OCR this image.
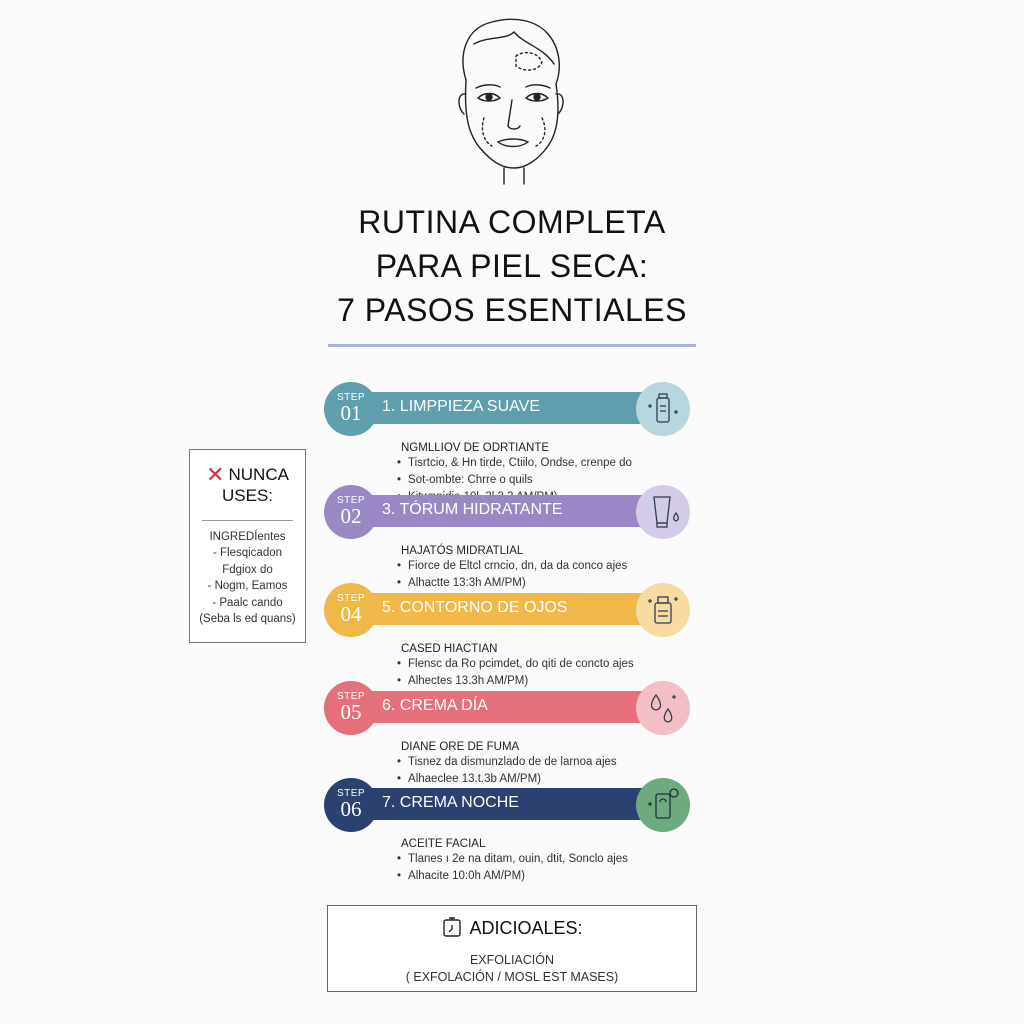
RUTINA COMPLETA
PARA PIEL SECA:
7 PASOS ESENTIALES
STEP
01	1. LIMPPIEZA SUAVE
NGMLLIOV DE ODRTIANTE
• Tisrtcio, & Hn tirde, Ctiilo, Ondse, crenpe do
• Sot-ombte: Chrre o quils
•
STEP
02	3. TÓRUM HIDRATANTE
HAJATÓS MIDRATLIAL
• Fiorce de Eltcl crncio, dn, da da conco ajes
• Alhactte 13:3h AM/PM)
STEP
04	5. CONTORNO DE OJOS
CASED HIACTIAN
• Flensc da Ro pcimdet, do qiti de concto ajes
• Alhectes 13.3h AM/PM)
STEP
05	6. CREMA DÍA
DIANE ORE DE FUMA
• Tisnez da dismunzlado de de larnoa ajes
• Alhaeclee 13.t.3b AM/PM)
STEP
06	7. CREMA NOCHE
ACEITE FACIAL
• Tlanes ı 2e na ditam, ouin, dtit, Sonclo ajes
• Alhacite 10:0h AM/PM)
✕ NUNCA
USES:
INGREDÍentes
- Flesqicadon
Fdgiox do
- Nogm, Eamos
- Paalc cando
(Seba ls ed quans)
ADICIOALES:
EXFOLIACIÓN
( EXFOLACIÓN / MOSL EST MASES)
